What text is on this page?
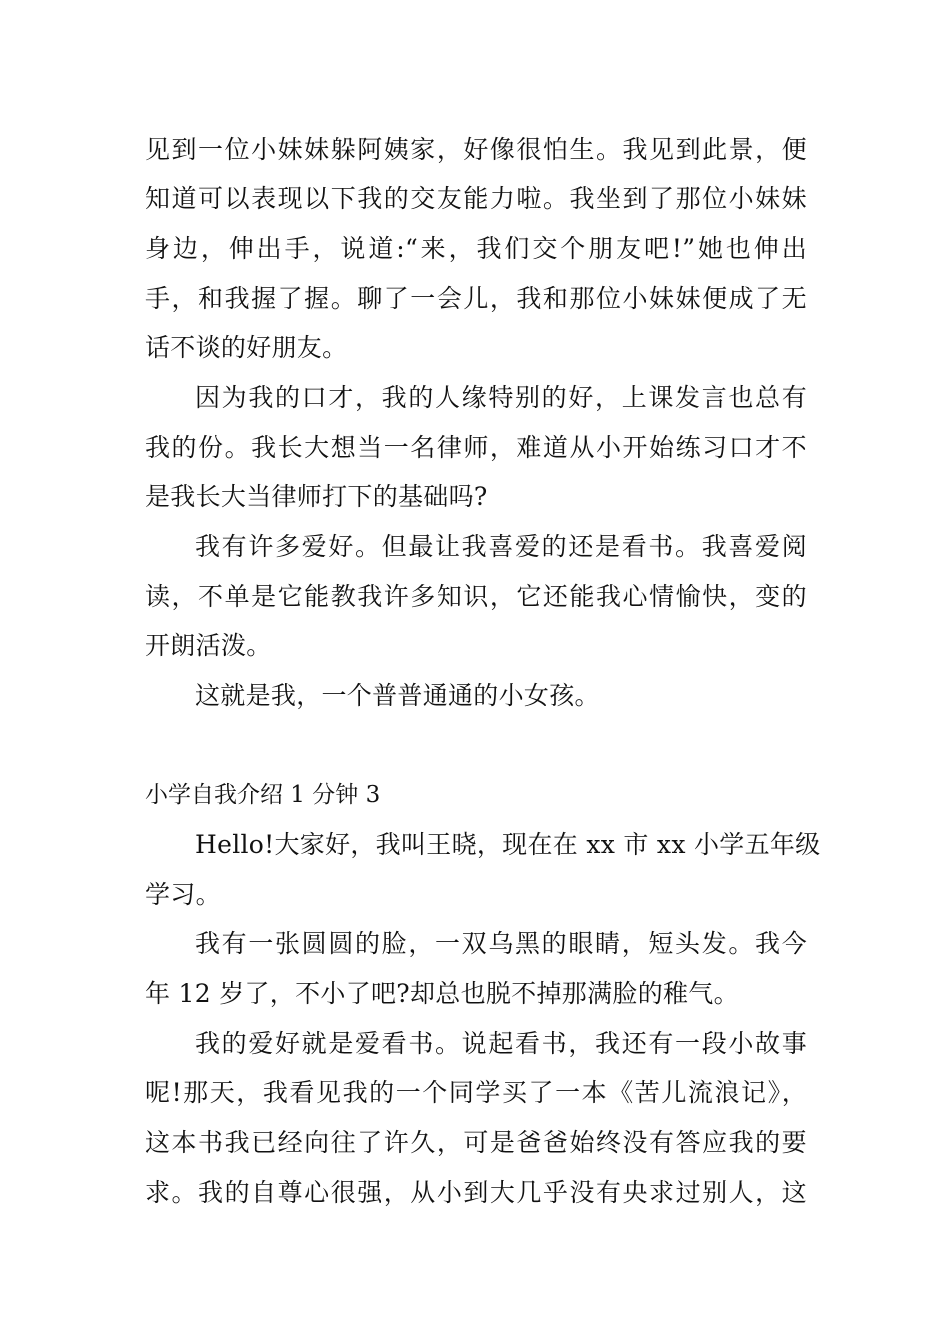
见到一位小妹妹躲阿姨家，好像很怕生。我见到此景，便
知道可以表现以下我的交友能力啦。我坐到了那位小妹妹
身边，伸出手，说道:“来，我们交个朋友吧!”她也伸出
手，和我握了握。聊了一会儿，我和那位小妹妹便成了无
话不谈的好朋友。
因为我的口才，我的人缘特别的好，上课发言也总有
我的份。我长大想当一名律师，难道从小开始练习口才不
是我长大当律师打下的基础吗?
我有许多爱好。但最让我喜爱的还是看书。我喜爱阅
读，不单是它能教我许多知识，它还能我心情愉快，变的
开朗活泼。
这就是我，一个普普通通的小女孩。
小学自我介绍 1 分钟 3
Hello!大家好，我叫王晓，现在在 xx 市 xx 小学五年级
学习。
我有一张圆圆的脸，一双乌黑的眼睛，短头发。我今
年 12 岁了，不小了吧?却总也脱不掉那满脸的稚气。
我的爱好就是爱看书。说起看书，我还有一段小故事
呢!那天，我看见我的一个同学买了一本《苦儿流浪记》，
这本书我已经向往了许久，可是爸爸始终没有答应我的要
求。我的自尊心很强，从小到大几乎没有央求过别人，这
